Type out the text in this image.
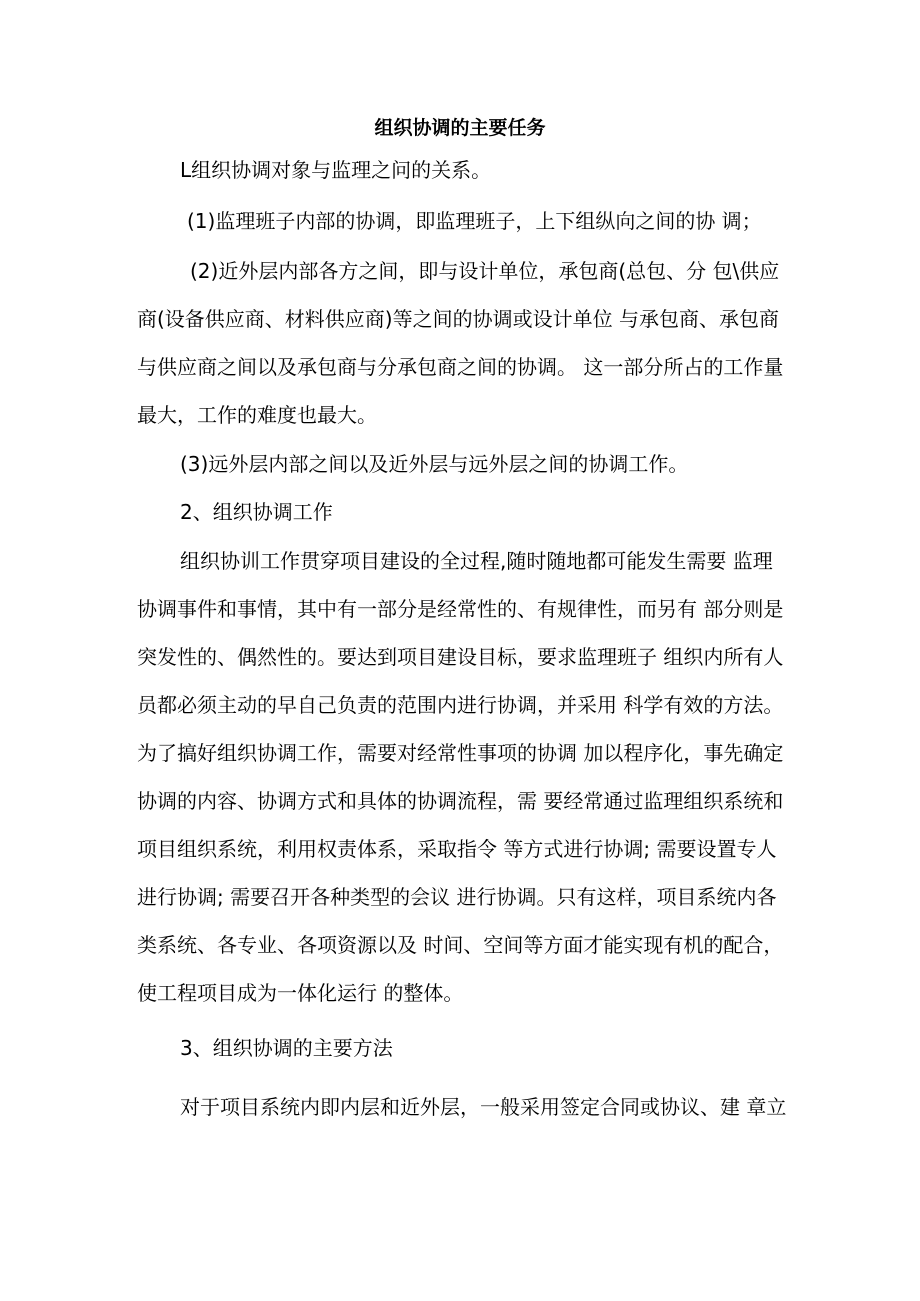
组织协调的主要任务
L组织协调对象与监理之问的关系。
(1)监理班子内部的协调，即监理班子，上下组纵向之间的协 调；
(2)近外层内部各方之间，即与设计单位，承包商(总包、分 包\供应
商(设备供应商、材料供应商)等之间的协调或设计单位 与承包商、承包商
与供应商之间以及承包商与分承包商之间的协调。 这一部分所占的工作量
最大，工作的难度也最大。
(3)远外层内部之间以及近外层与远外层之间的协调工作。
2、组织协调工作
组织协训工作贯穿项目建设的全过程,随时随地都可能发生需要 监理
协调事件和事情，其中有一部分是经常性的、有规律性，而另有 部分则是
突发性的、偶然性的。要达到项目建设目标，要求监理班子 组织内所有人
员都必须主动的早自己负责的范围内进行协调，并采用 科学有效的方法。
为了搞好组织协调工作，需要对经常性事项的协调 加以程序化，事先确定
协调的内容、协调方式和具体的协调流程，需 要经常通过监理组织系统和
项目组织系统，利用权责体系，采取指令 等方式进行协调; 需要设置专人
进行协调; 需要召开各种类型的会议 进行协调。只有这样，项目系统内各
类系统、各专业、各项资源以及 时间、空间等方面才能实现有机的配合，
使工程项目成为一体化运行 的整体。
3、组织协调的主要方法
对于项目系统内即内层和近外层，一般采用签定合同或协议、建 章立
